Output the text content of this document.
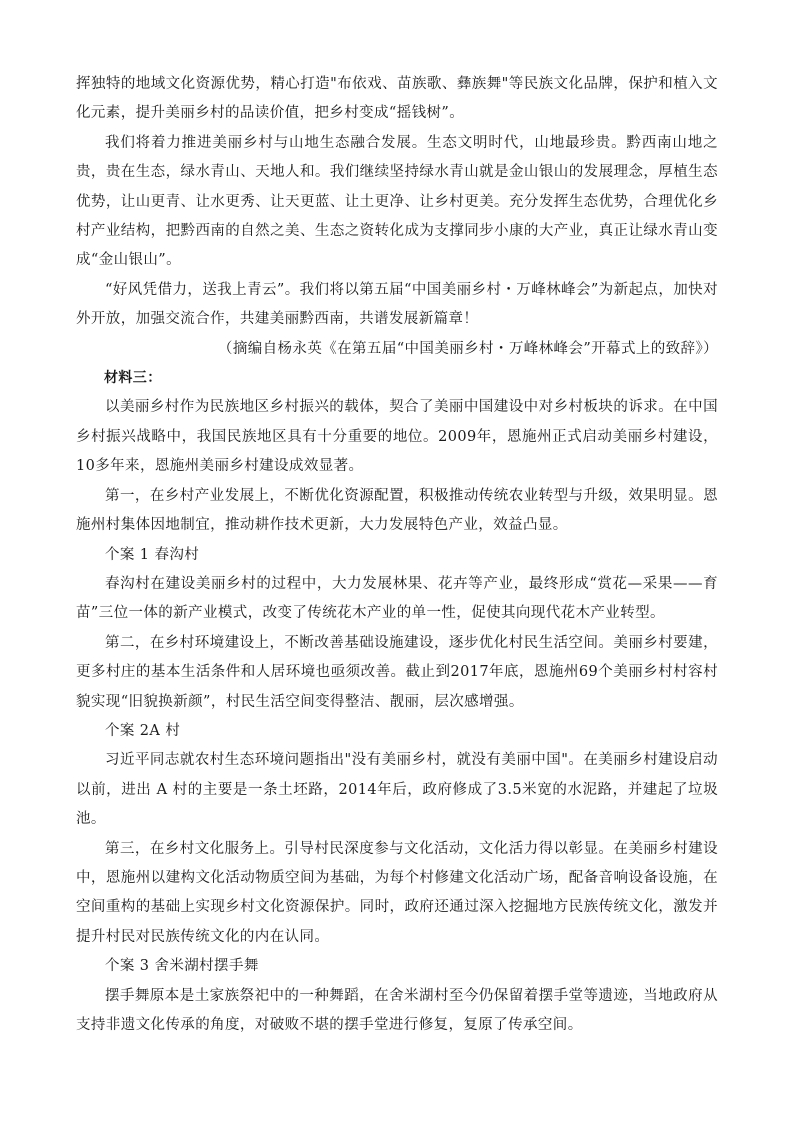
挥独特的地域文化资源优势，精心打造"布依戏、苗族歌、彝族舞"等民族文化品牌，保护和植入文化元素，提升美丽乡村的品读价值，把乡村变成“摇钱树”。

我们将着力推进美丽乡村与山地生态融合发展。生态文明时代，山地最珍贵。黔西南山地之贵，贵在生态，绿水青山、天地人和。我们继续坚持绿水青山就是金山银山的发展理念，厚植生态优势，让山更青、让水更秀、让天更蓝、让土更净、让乡村更美。充分发挥生态优势，合理优化乡村产业结构，把黔西南的自然之美、生态之资转化成为支撑同步小康的大产业，真正让绿水青山变成“金山银山”。

“好风凭借力，送我上青云”。我们将以第五届“中国美丽乡村・万峰林峰会”为新起点，加快对外开放，加强交流合作，共建美丽黔西南，共谱发展新篇章！

（摘编自杨永英《在第五届“中国美丽乡村・万峰林峰会”开幕式上的致辞》）

材料三：

以美丽乡村作为民族地区乡村振兴的载体，契合了美丽中国建设中对乡村板块的诉求。在中国乡村振兴战略中，我国民族地区具有十分重要的地位。2009年，恩施州正式启动美丽乡村建设，10多年来，恩施州美丽乡村建设成效显著。

第一，在乡村产业发展上，不断优化资源配置，积极推动传统农业转型与升级，效果明显。恩施州村集体因地制宜，推动耕作技术更新，大力发展特色产业，效益凸显。

个案 1 春沟村

春沟村在建设美丽乡村的过程中，大力发展林果、花卉等产业，最终形成“赏花—采果——育苗”三位一体的新产业模式，改变了传统花木产业的单一性，促使其向现代花木产业转型。

第二，在乡村环境建设上，不断改善基础设施建设，逐步优化村民生活空间。美丽乡村要建，更多村庄的基本生活条件和人居环境也亟须改善。截止到2017年底，恩施州69个美丽乡村村容村貌实现“旧貌换新颜”，村民生活空间变得整洁、靓丽，层次感增强。

个案 2A 村

习近平同志就农村生态环境问题指出"没有美丽乡村，就没有美丽中国"。在美丽乡村建设启动以前，进出 A 村的主要是一条土坯路，2014年后，政府修成了3.5米宽的水泥路，并建起了垃圾池。

第三，在乡村文化服务上。引导村民深度参与文化活动，文化活力得以彰显。在美丽乡村建设中，恩施州以建构文化活动物质空间为基础，为每个村修建文化活动广场，配备音响设备设施，在空间重构的基础上实现乡村文化资源保护。同时，政府还通过深入挖掘地方民族传统文化，激发并提升村民对民族传统文化的内在认同。

个案 3 舍米湖村摆手舞

摆手舞原本是土家族祭祀中的一种舞蹈，在舍米湖村至今仍保留着摆手堂等遗迹，当地政府从支持非遗文化传承的角度，对破败不堪的摆手堂进行修复，复原了传承空间。
